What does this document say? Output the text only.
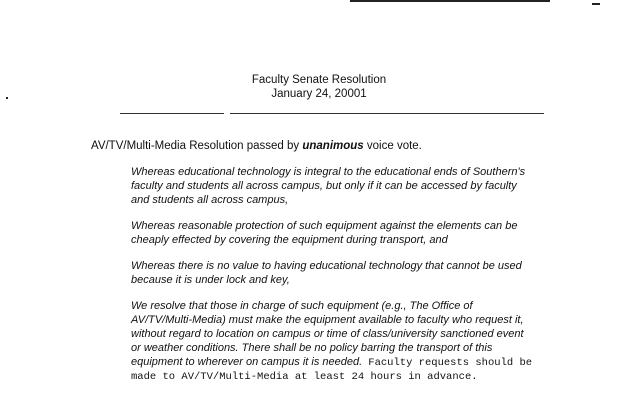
Faculty Senate Resolution
January 24, 20001
AV/TV/Multi-Media Resolution passed by unanimous voice vote.
Whereas educational technology is integral to the educational ends of Southern's
faculty and students all across campus, but only if it can be accessed by faculty
and students all across campus,
Whereas reasonable protection of such equipment against the elements can be
cheaply effected by covering the equipment during transport, and
Whereas there is no value to having educational technology that cannot be used
because it is under lock and key,
We resolve that those in charge of such equipment (e.g., The Office of
AV/TV/Multi-Media) must make the equipment available to faculty who request it,
without regard to location on campus or time of class/university sanctioned event
or weather conditions. There shall be no policy barring the transport of this
equipment to wherever on campus it is needed. Faculty requests should be
made to AV/TV/Multi-Media at least 24 hours in advance.
